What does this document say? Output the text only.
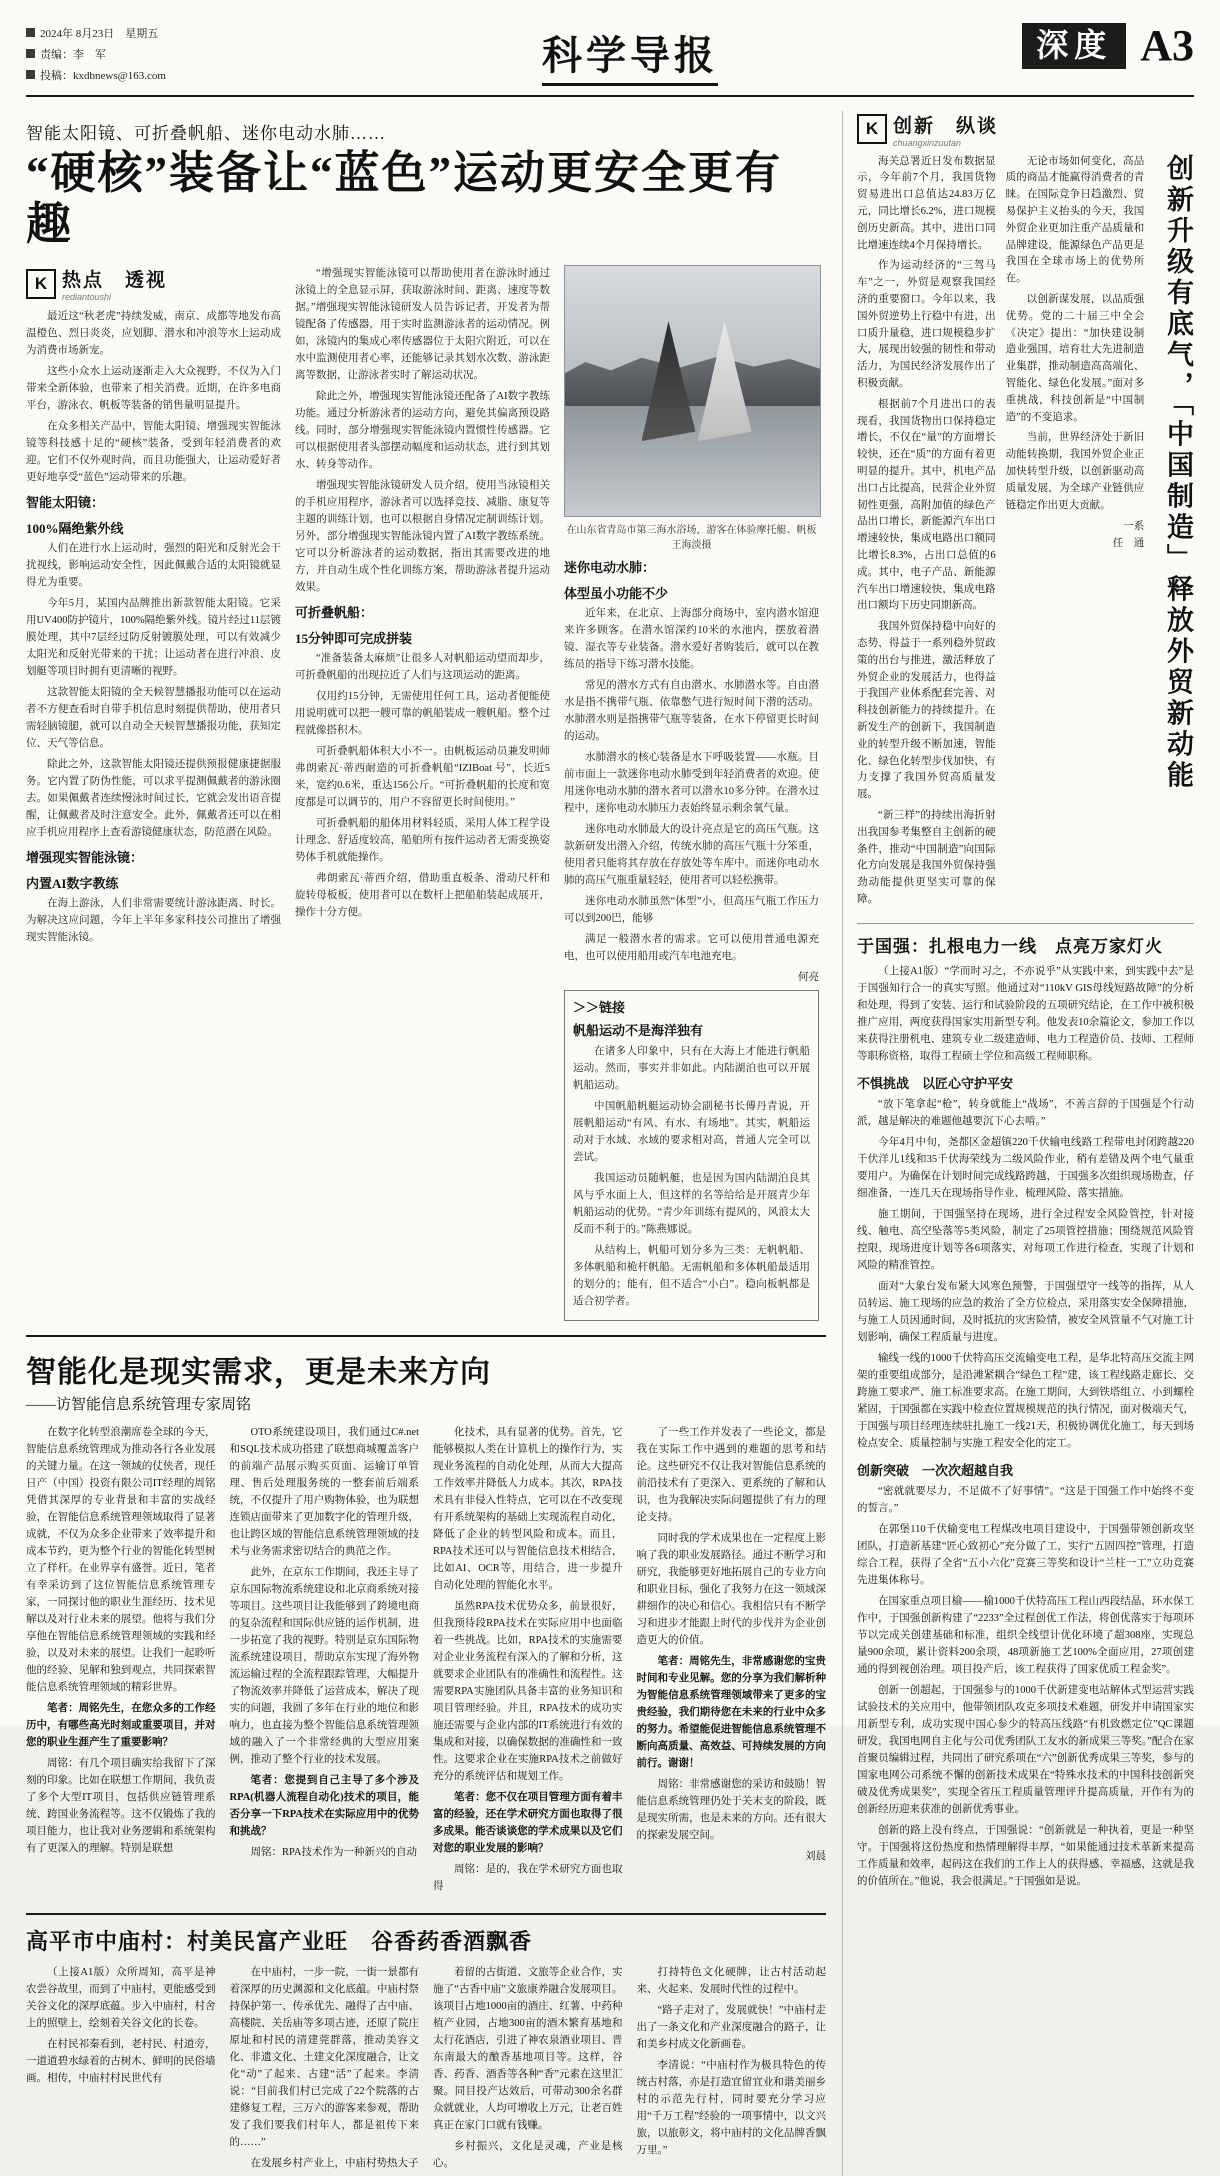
2024年 8月23日　星期五
责编：李　军
投稿：kxdbnews@163.com	科学导报	深度 A3
智能太阳镜、可折叠帆船、迷你电动水肺……
“硬核”装备让“蓝色”运动更安全更有趣
K 热点　 透视
rediantoushi

最近这“秋老虎”持续发威，南京、成都等地发布高温橙色、烈日炎炎，应划脚、潜水和冲浪等水上运动成为消费市场新宠。

这些小众水上运动逐渐走入大众视野，不仅为入门带来全新体验，也带来了相关消费。近期，在许多电商平台，游泳衣、帆板等装备的销售量明显提升。

在众多相关产品中，智能太阳镜、增强现实智能泳镜等科技感十足的“硬核”装备，受到年轻消费者的欢迎。它们不仅外观时尚，而且功能强大，让运动爱好者更好地享受“蓝色”运动带来的乐趣。

智能太阳镜：
100%隔绝紫外线

人们在进行水上运动时，强烈的阳光和反射光会干扰视线，影响运动安全性，因此佩戴合适的太阳镜就显得尤为重要。

今年5月，某国内品牌推出新款智能太阳镜。它采用UV400防护镜片，100%隔绝紫外线。镜片经过11层镀膜处理，其中7层经过防反射镀膜处理，可以有效减少太阳光和反射光带来的干扰；让运动者在进行冲浪、皮划艇等项目时拥有更清晰的视野。

这款智能太阳镜的全天候智慧播报功能可以在运动者不方便查看时自带手机信息时刻提供帮助，使用者只需轻脑镜腿，就可以自动全天候智慧播报功能，获知定位、天气等信息。

除此之外，这款智能太阳镜还提供预报健康捷据服务。它内置了防伪性能，可以求平提测佩戴者的游泳圈去。如果佩戴者连续慢泳时间过长，它就会发出语音提醒，让佩戴者及时注意安全。此外，佩戴者还可以在相应手机应用程序上查看游镜健康状态，防范潜在风险。

增强现实智能泳镜：
内置AI数字教练

在海上游泳，人们非常需要统计游泳距离、时长。为解决这应问题，今年上半年多家科技公司推出了增强现实智能泳镜。

“增强现实智能泳镜可以帮助使用者在游泳时通过泳镜上的全息显示屏，获取游泳时间、距离、速度等数据。”增强现实智能泳镜研发人员告诉记者，开发者为帮镜配备了传感器，用于实时监测游泳者的运动情况。例如，泳镜内的集成心率传感器位于太阳穴附近，可以在水中监测使用者心率，还能够记录其划水次数、游泳距离等数据，让游泳者实时了解运动状况。

除此之外，增强现实智能泳镜还配备了AI数字教练功能。通过分析游泳者的运动方向，避免其偏离预设路线。同时，部分增强现实智能泳镜内置惯性传感器。它可以根据使用者头部摆动幅度和运动状态，进行到其划水、转身等动作。

增强现实智能泳镜研发人员介绍，使用当泳镜相关的手机应用程序，游泳者可以选择竞技、减脂、康复等主题的训练计划，也可以根据自身情况定制训练计划。另外，部分增强现实智能泳镜内置了AI数字教练系统。它可以分析游泳者的运动数据，指出其需要改进的地方，并自动生成个性化训练方案，帮助游泳者提升运动效果。

可折叠帆船：
15分钟即可完成拼装

“准备装备太麻烦”让很多人对帆船运动望而却步，可折叠帆船的出现拉近了人们与这项运动的距离。

仅用约15分钟，无需使用任何工具，运动者便能使用说明就可以把一艘可靠的帆船装成一艘帆船。整个过程就像搭积木。

可折叠帆船体积大小不一。由帆板运动员兼发明师弗朗索瓦·蒂西耐造的可折叠帆船“IZIBoat 号”，长近5米，宽约0.6米，重达156公斤。“可折叠帆船的长度和宽度都是可以调节的，用户不容留更长时间使用。”

可折叠帆船的船体用材料轻质，采用人体工程学设计理念、舒适度较高，船舶所有按件运动者无需变换姿势体手机就能操作。

弗朗索瓦·蒂西介绍，借助重直板条、滑动尺杆和旋转母板板，使用者可以在数杆上把船舶装起成展开，操作十分方便。

在山东省青岛市第三海水浴场，游客在体验摩托艇、帆板　王海淡摄
迷你电动水肺：
体型虽小功能不少

近年来，在北京、上海部分商场中，室内潜水馆迎来许多顾客。在潜水馆深约10米的水池内，摆放着潜镜、湿衣等专业装备。潜水爱好者购装后，就可以在教练员的指导下练习潜水技能。

常见的潜水方式有自由潜水、水肺潜水等。自由潜水是指不携带气瓶、依靠憋气进行短时间下潜的活动。水肺潜水则是指携带气瓶等装备，在水下停留更长时间的运动。

水肺潜水的核心装备是水下呼吸装置——水瓶。目前市面上一款迷你电动水肺受到年轻消费者的欢迎。使用迷你电动水肺的潜水者可以潜水10多分钟。在潜水过程中，迷你电动水肺压力表始终显示剩余氧气量。

迷你电动水肺最大的设计亮点是它的高压气瓶。这款新研发出潜入介绍，传统水肺的高压气瓶十分笨重，使用者只能将其存放在存放处等车库中。而迷你电动水肺的高压气瓶重量轻轻，使用者可以轻松携带。

迷你电动水肺虽然“体型”小，但高压气瓶工作压力可以到200巴，能够

满足一般潜水者的需求。它可以使用普通电源充电，也可以使用船用或汽车电池充电。

何亮
＞＞链接
帆船运动不是海洋独有

在诸多人印象中，只有在大海上才能进行帆船运动。然而，事实并非如此。内陆湖泊也可以开展帆船运动。

中国帆船帆艇运动协会副秘书长傅丹青说，开展帆船运动“有风、有水、有场地”。其实，帆船运动对于水域、水域的要求相对高，普通人完全可以尝试。

我国运动员随帆艇，也是因为国内陆湖泊良其风与乎水面上人，但这样的名等给给是开展青少年帆船运动的优势。“青少年训练有提风的，风浪太大反而不利于的。”陈燕娜说。

从结构上，帆船可划分多为三类：无帆帆船、多体帆船和桅杆帆船。无需帆船和多体帆船最适用的划分的；能有，但不适合“小白”。稳向板帆都是适合初学者。

智能化是现实需求，更是未来方向
——访智能信息系统管理专家周铭

在数字化转型浪潮席卷全球的今天，智能信息系统管理成为推动各行各业发展的关键力量。在这一领域的仗侠者，现任日产（中国）投资有限公司IT经理的周铭凭借其深厚的专业背景和丰富的实战经验，在智能信息系统管理领域取得了显著成就，不仅为众多企业带来了效率提升和成本节约，更为整个行业的智能化转型树立了样杆。在业界享有盛誉。近日，笔者有幸采访到了这位智能信息系统管理专家，一同探讨他的职业生涯经历、技术见解以及对行业未来的展望。他将与我们分享他在智能信息系统管理领域的实践和经验，以及对未来的展望。让我们一起聆听他的经验、见解和独到观点，共同探索智能信息系统管理领域的精彩世界。

笔者：周铭先生，在您众多的工作经历中，有哪些高光时刻或重要项目，并对您的职业生涯产生了重要影响？

周铭：有几个项目确实给我留下了深刻的印象。比如在联想工作期间，我负责了多个大型IT项目，包括供应链管理系统、跨国业务流程等。这不仅锻炼了我的项目能力，也让我对业务逻辑和系统架构有了更深入的理解。特别是联想

OTO系统建设项目，我们通过C#.net和SQL技术成功搭建了联想商城覆盖客户的前端产品展示购买页面、运输订单管理、售后处理服务统的一整套前后端系统，不仅提升了用户购物体验，也为联想连锁店面带来了更加数字化的管理升级，也让跨区域的智能信息系统管理领域的技术与业务需求密切结合的典范之作。

此外，在京东工作期间，我还主导了京东国际物流系统建设和北京商系统对接等项目。这些项目让我能够到了跨境电商的复杂流程和国际供应链的运作机制，进一步拓宽了我的视野。特别是京东国际物流系统建设项目，帮助京东实现了海外物流运输过程的全流程跟踪管理，大幅提升了物流效率并降低了运营成本，解决了现实的问题，我圆了多年在行业的地位和影响力，也直接为整个智能信息系统管理领域的融入了一个非常经典的大型应用案例，推动了整个行业的技术发展。

笔者：您提到自己主导了多个涉及RPA(机器人流程自动化)技术的项目，能否分享一下RPA技术在实际应用中的优势和挑战？

周铭：RPA技术作为一种新兴的自动

化技术，具有显著的优势。首先，它能够模拟人类在计算机上的操作行为，实现业务流程的自动化处理，从而大大提高工作效率并降低人力成本。其次，RPA技术具有非侵入性特点，它可以在不改变现有开系统架构的基础上实现流程自动化，降低了企业的转型风险和成本。而且，RPA技术还可以与智能信息技术相结合，比如AI、OCR等，用结合，进一步提升自动化处理的智能化水平。

虽然RPA技术优势众多，前景很好，但我预待段RPA技术在实际应用中也面临着一些挑战。比如，RPA技术的实施需要对企业业务流程有深入的了解和分析，这就要求企业团队有的准确性和流程性。这需要RPA实施团队具备丰富的业务知识和项目管理经验。并且，RPA技术的成功实施还需要与企业内部的IT系统进行有效的集成和对接，以确保数据的准确性和一致性。这要求企业在实施RPA技术之前做好充分的系统评估和规划工作。

笔者：您不仅在项目管理方面有着丰富的经验，还在学术研究方面也取得了很多成果。能否谈谈您的学术成果以及它们对您的职业发展的影响？

周铭：是的，我在学术研究方面也取得

了一些工作并发表了一些论文，都是我在实际工作中遇到的难题的思考和结论。这些研究不仅让我对智能信息系统的前沿技术有了更深入、更系统的了解和认识，也为我解决实际问题提供了有力的理论支持。

同时我的学术成果也在一定程度上影响了我的职业发展路径。通过不断学习和研究，我能够更好地拓展自己的专业方向和职业目标，强化了我努力在这一领域深耕细作的决心和信心。我相信只有不断学习和进步才能跟上时代的步伐并为企业创造更大的价值。

笔者：周铭先生，非常感谢您的宝贵时间和专业见解。您的分享为我们解析种为智能信息系统管理领域带来了更多的宝贵经验，我们期待您在未来的行业中众多的努力。希望能促进智能信息系统管理不断向高质量、高效益、可持续发展的方向前行。谢谢！

周铭：非常感谢您的采访和鼓励！智能信息系统管理仍处于关末支的阶段，既是现实所需，也是未来的方向。还有很大的探索发展空间。

刘晨
高平市中庙村：村美民富产业旺　谷香药香酒飘香

（上接A1版）众所周知，高平是神农尝谷故里，而到了中庙村，更能感受到关谷文化的深厚底蕴。步入中庙村，村舍上的照壁上，绘刻着关谷文化的长卷。

在村民祁秦看到，老村民、村道旁，一道道碧水绿着的古树木、鲜明的民俗墙画。相传，中庙村村民世代有

在中庙村，一步一院，一街一景都有着深厚的历史渊源和文化底蕴。中庙村祭持保护第一、传承优先、融得了古中庙、高楼院、关岳庙等多项古迹，还原了院庄原址和村民的清建莞群落，推动美容文化、非遗文化、土建文化深度融合，让文化“动”了起来、古建“活”了起来。李淸说：“目前我们村已完成了22个院落的古建修复工程，三万六的游客来参观，帮助发了我们要我们村年人，都是祖传下来的……”

在发展乡村产业上，中庙村势热大子

着留的古街道、文旅等企业合作，实施了“古香中庙”文旅康养融合发展项目。该项目占地1000亩的酒庄、红薯、中药种植产业园，占地300亩的酒木繁育基地和太行花酒店，引进了神农泉酒业项目、晋东南最大的酿香基地项目等。这样，谷香、药香、酒香等各种“香”元素在这里汇聚。同目投产达效后，可带动300余名群众就就业，人均可增收上万元，让老百姓真正在家门口就有钱赚。

乡村振兴，文化是灵魂，产业是核心。

打持特色文化硬牌，让古村活动起来、火起来、发展时代性的过程中。

“路子走对了，发展就快！”中庙村走出了一条文化和产业深度融合的路子，让和美乡村成文化新画卷。

李清说：“中庙村作为极具特色的传统古村落，亦是打造宜留宜业和谐美丽乡村的示范先行村，同时要充分学习应用“千万工程”经验的一项事情中，以文兴旅，以旅彰文，将中庙村的文化品牌香飘万里。”

K 创新　 纵谈
chuangxinzuutan

海关总署近日发布数据显示，今年前7个月，我国货物贸易进出口总值达24.83万亿元，同比增长6.2%，进口规模创历史新高。其中，进出口同比增速连续4个月保持增长。

作为运动经济的“三驾马车”之一，外贸是观察我国经济的重要窗口。今年以来，我国外贸逆势上行稳中有进，出口质升量稳，进口规模稳步扩大，展现出较强的韧性和带动活力，为国民经济发展作出了积极贡献。

根据前7个月进出口的表现看，我国货物出口保持稳定增长，不仅在“量”的方面增长较快，还在“质”的方面有着更明显的提升。其中，机电产品出口占比提高，民营企业外贸韧性更强，高附加值的绿色产品出口增长，新能源汽车出口增速较快，集成电路出口额同比增长8.3%，占出口总值的6成。其中，电子产品、新能源汽车出口增速较快，集成电路出口额均下历史同期新高。

我国外贸保持稳中向好的态势，得益于一系列稳外贸政策的出台与推进，激活释放了外贸企业的发展活力，也得益于我国产业体系配套完善、对科技创新能力的持续提升。在新发生产的创新下，我国制造业的转型升级不断加速，智能化、绿色化转型步伐加快，有力支撑了我国外贸高质量发展。

“新三样”的持续出海折射出我国参考集整自主创新的硬条件，推动“中国制造”向国际化方向发展是我国外贸保持强劲动能提供更坚实可靠的保障。

无论市场如何变化，高品质的商品才能赢得消费者的青睐。在国际竞争日趋激烈、贸易保护主义抬头的今天，我国外贸企业更加注重产品质量和品牌建设，能源绿色产品更是我国在全球市场上的优势所在。

以创新谋发展，以品质强优势。党的二十届三中全会《决定》提出：“加快建设制造业强国，培育壮大先进制造业集群，推动制造高高端化、智能化、绿色化发展。”面对多重挑战，科技创新是“中国制造”的不变追求。

当前，世界经济处于新旧动能转换期，我国外贸企业正加快转型升级，以创新驱动高质量发展，为全球产业链供应链稳定作出更大贡献。

一系
任　通 创新升级有底气，「中国制造」释放外贸新动能
于国强：扎根电力一线　点亮万家灯火

（上接A1版）“学而时习之，不亦说乎”从实践中来，到实践中去”是于国强知行合一的真实写照。他通过对“110kV GIS母线短路故障”的分析和处理，得到了安装、运行和试验阶段的五项研究结论，在工作中被积极推广应用，两度获得国家实用新型专利。他发表10余篇论文，参加工作以来获得注册机电、建筑专业二级建造师、电力工程造价员、技师、工程师等职称资格，取得工程硕士学位和高级工程师职称。

不惧挑战　以匠心守护平安

“放下笔拿起“枪”，转身就能上“战场”，不善言辞的于国强是个行动派，越是解决的难题他越要沉下心去啃。”

今年4月中旬，尧都区金超镇220千伏输电线路工程带电封闭跨越220千伏洋儿1线和35千伏海荣线为二级风险作业，稍有差错及两个电气量重要用户。为确保在计划时间完成线路跨越，于国强多次组织现场勘查，仔细准备，一连几天在现场指导作业、梳理风险、落实措施。

施工期间，于国强坚持在现场，进行全过程安全风险管控，针对接线、触电、高空坠落等5类风险，制定了25项管控措施；围绕规范风险管控限，现场进度计划等各6项落实，对每项工作进行检查，实现了计划和风险的精准管控。

面对“大象台发布紧大风寒色预警，于国强望守一线等的指挥，从人员转运、施工现场的应急的救治了全方位检点，采用落实安全保障措施，与施工人员因通时间，及时抵抗的灾害险情，被安全风管量不气对施工计划影响，确保工程质量与进度。

输线一线的1000千伏特高压交流输变电工程，是华北特高压交流主网架的重要组成部分，是沿滩紧耦合“绿色工程”建，该工程线路走廊长、交跨施工要求严、施工标准要求高。在施工期间，大到铁塔组立、小到螺栓紧固，于国强都在实践中检查位置规模规范的执行情况，面对极端天气，于国强与项目经理连续驻扎施工一线21天，积极协调优化施工，每天到场检点安全、质量控制与实施工程安全化的定工。

创新突破　一次次超越自我

“密就就要尽力，不足做不了好事情”。“这是于国强工作中始终不变的誓言。”

在郭堡110千伏输变电工程煤改电项目建设中，于国强带领创新攻坚团队，打造新基建“匠心致初心”充分做了工，实行“五固四控”管理，打造综合工程，获得了全省“五小六化”竞赛三等奖和设计“兰柱一工”立功竞赛先进集体称号。

在国家重点项目榆——榆1000千伏特高压工程山西段结晶，环水保工作中，于国强创新构建了“2233”全过程创优工作法，将创优落实于每项环节以完成关创建基础和标准，组织全线望计优化环境了超308座，实现总量900余项，累计资料200余项，48项新施工艺100%全面应用，27项创建通的得到视创治理。项目投产后，该工程获得了国家优质工程金奖”。

创新一创超起，于国强参与的1000千伏新建变电站解体式型运营实践试验技术的关应用中，他带领团队攻克多项技术难题，研发并申请国家实用新型专利，成功实现中国心参少的特高压线路“有机致燃定位”QC课题研发，我国电网自主化与公司优秀团队工友水的新成果三等奖。”配合在家首聚员编辑过程，共同出了研究系项在“六”创新优秀成果三等奖，参与的国家电网公司系统不懈的创新技术成果在“特殊水技术的中国科技创新突破及优秀成果奖”，实现全省压工程质量管理评升提高质量，开作有为的创新经历迎来获准的创新优秀事业。

创新的路上没有终点，于国强说：“创新就是一种执着，更是一种坚守。于国强将这份热度和热情理解得丰厚，“如果能通过技术革新来提高工作质量和效率，起码这在我们的工作上人的获得感、幸福感，这就是我的价值所在。”他说，我会很满足。”于国强如是说。
